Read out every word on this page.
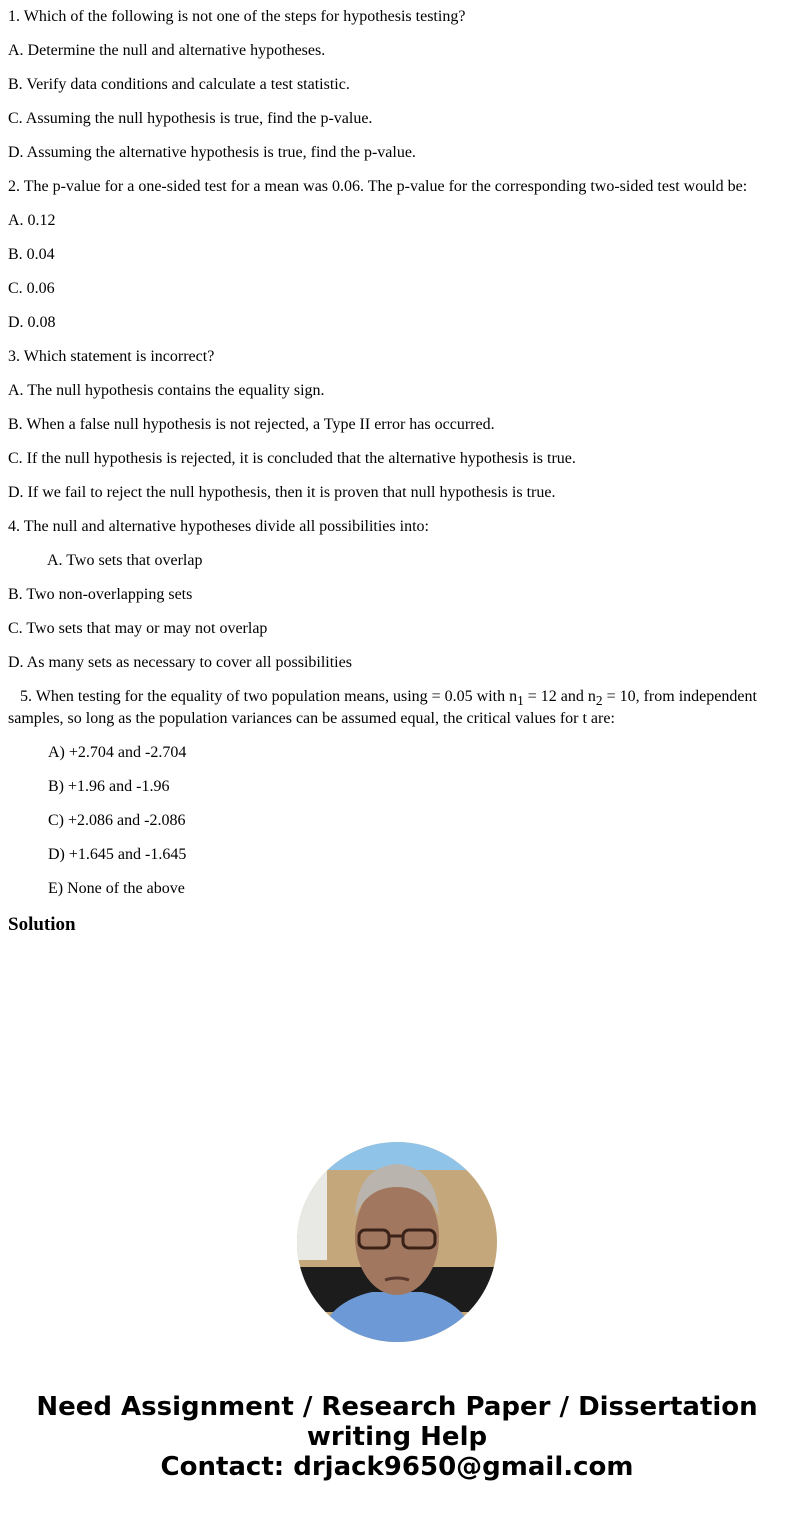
1. Which of the following is not one of the steps for hypothesis testing?

A. Determine the null and alternative hypotheses.

B. Verify data conditions and calculate a test statistic.

C. Assuming the null hypothesis is true, find the p-value.

D. Assuming the alternative hypothesis is true, find the p-value.

2. The p-value for a one-sided test for a mean was 0.06. The p-value for the corresponding two-sided test would be:

A. 0.12

B. 0.04

C. 0.06

D. 0.08

3. Which statement is incorrect?

A. The null hypothesis contains the equality sign.

B. When a false null hypothesis is not rejected, a Type II error has occurred.

C. If the null hypothesis is rejected, it is concluded that the alternative hypothesis is true.

D. If we fail to reject the null hypothesis, then it is proven that null hypothesis is true.

4. The null and alternative hypotheses divide all possibilities into:

A. Two sets that overlap

B. Two non-overlapping sets

C. Two sets that may or may not overlap

D. As many sets as necessary to cover all possibilities

5. When testing for the equality of two population means, using = 0.05 with $n_1 = 12$ and $n_2 = 10$, from independent samples, so long as the population variances can be assumed equal, the critical values for t are:

A) +2.704 and -2.704

B) +1.96 and -1.96

C) +2.086 and -2.086

D) +1.645 and -1.645

E) None of the above

Solution
Need Assignment / Research Paper / Dissertation writing Help
Contact: drjack9650@gmail.com
